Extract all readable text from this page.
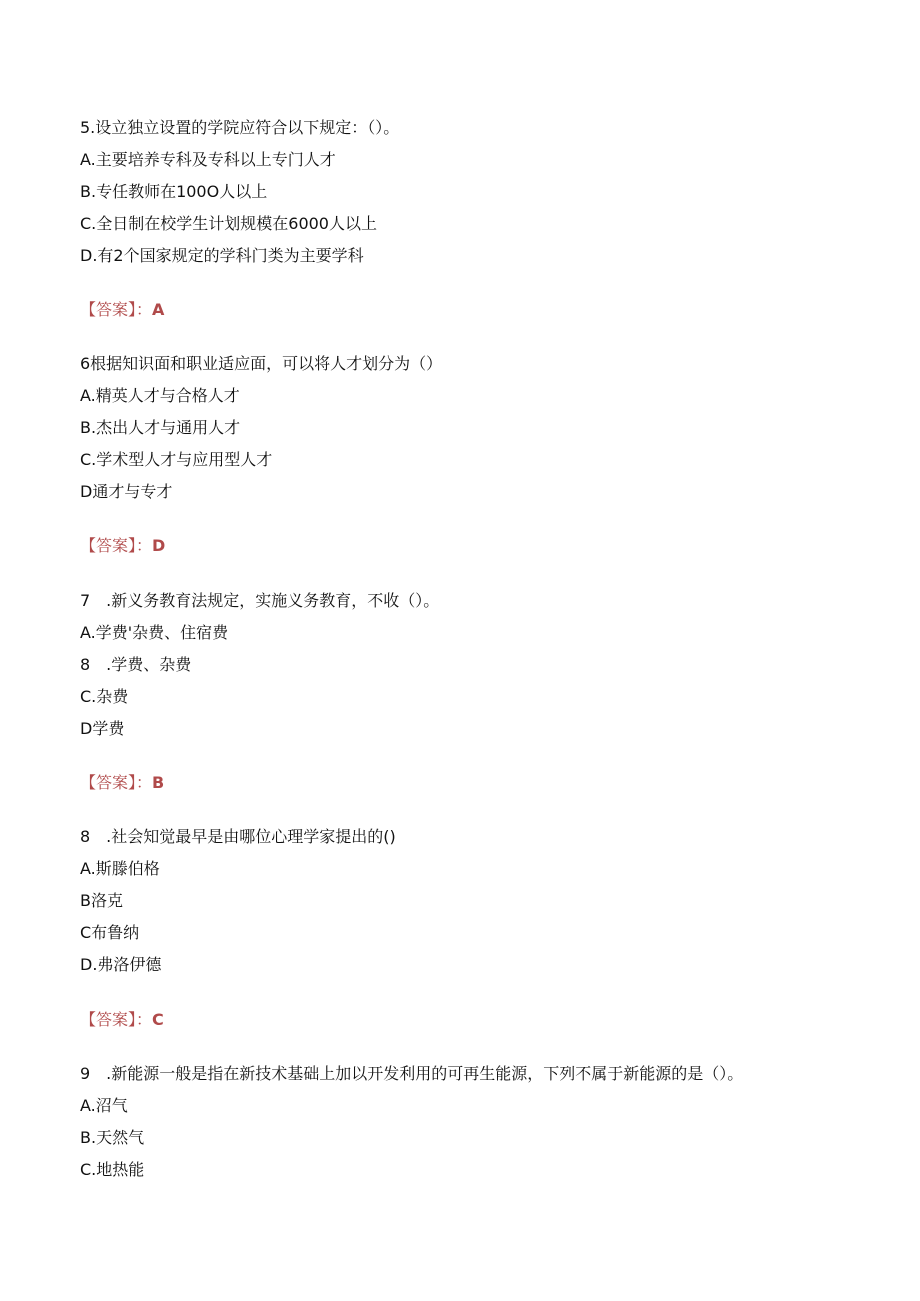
5.设立独立设置的学院应符合以下规定：（）。
A.主要培养专科及专科以上专门人才
B.专任教师在100O人以上
C.全日制在校学生计划规模在6000人以上
D.有2个国家规定的学科门类为主要学科
【答案】：A
6根据知识面和职业适应面，可以将人才划分为（）
A.精英人才与合格人才
B.杰出人才与通用人才
C.学术型人才与应用型人才
D通才与专才
【答案】：D
7　.新义务教育法规定，实施义务教育，不收（）。
A.学费'杂费、住宿费
8　.学费、杂费
C.杂费
D学费
【答案】：B
8　.社会知觉最早是由哪位心理学家提出的()
A.斯滕伯格
B洛克
C布鲁纳
D.弗洛伊德
【答案】：C
9　.新能源一般是指在新技术基础上加以开发利用的可再生能源，下列不属于新能源的是（）。
A.沼气
B.天然气
C.地热能
